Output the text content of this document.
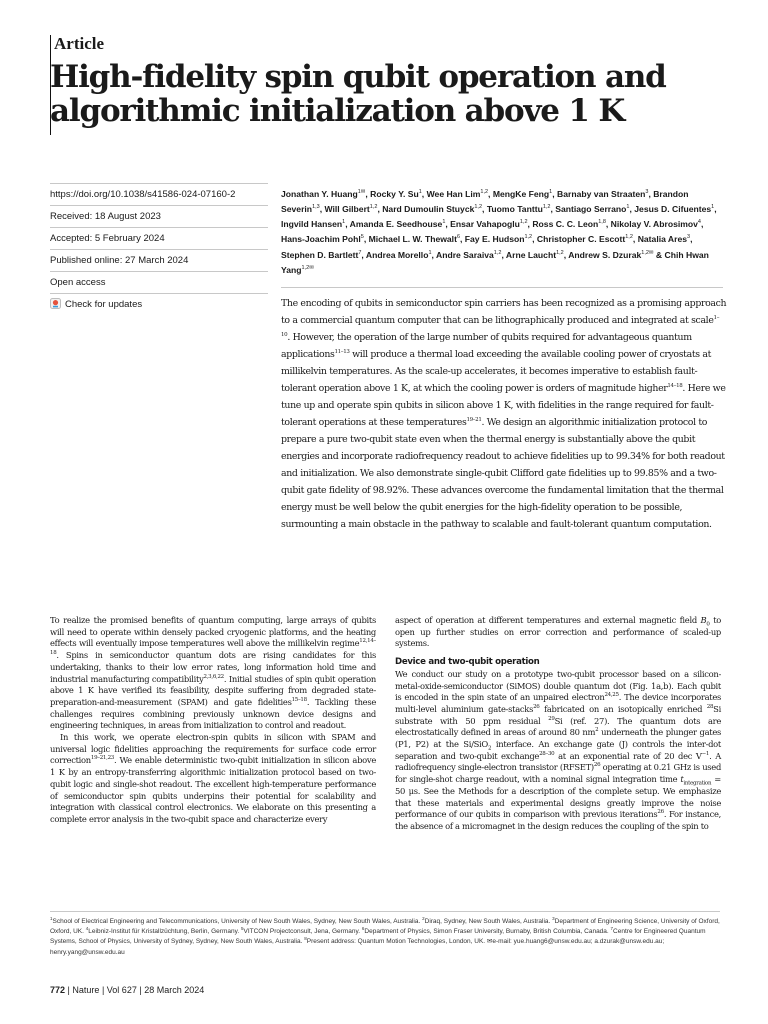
Article
High-fidelity spin qubit operation and algorithmic initialization above 1 K
https://doi.org/10.1038/s41586-024-07160-2
Received: 18 August 2023
Accepted: 5 February 2024
Published online: 27 March 2024
Open access
Check for updates

Jonathan Y. Huang$^{1✉}$, Rocky Y. Su$^1$, Wee Han Lim$^{1,2}$, MengKe Feng$^1$, Barnaby van Straaten$^3$, Brandon Severin$^{1,3}$, Will Gilbert$^{1,2}$, Nard Dumoulin Stuyck$^{1,2}$, Tuomo Tanttu$^{1,2}$, Santiago Serrano$^1$, Jesus D. Cifuentes$^1$, Ingvild Hansen$^1$, Amanda E. Seedhouse$^1$, Ensar Vahapoglu$^{1,2}$, Ross C. C. Leon$^{1,8}$, Nikolay V. Abrosimov$^4$, Hans-Joachim Pohl$^5$, Michael L. W. Thewalt$^6$, Fay E. Hudson$^{1,2}$, Christopher C. Escott$^{1,2}$, Natalia Ares$^3$, Stephen D. Bartlett$^7$, Andrea Morello$^1$, Andre Saraiva$^{1,2}$, Arne Laucht$^{1,2}$, Andrew S. Dzurak$^{1,2✉}$ & Chih Hwan Yang$^{1,2✉}$

The encoding of qubits in semiconductor spin carriers has been recognized as a promising approach to a commercial quantum computer that can be lithographically produced and integrated at scale$^{1-10}$. However, the operation of the large number of qubits required for advantageous quantum applications$^{11-13}$ will produce a thermal load exceeding the available cooling power of cryostats at millikelvin temperatures. As the scale-up accelerates, it becomes imperative to establish fault-tolerant operation above 1 K, at which the cooling power is orders of magnitude higher$^{14-18}$. Here we tune up and operate spin qubits in silicon above 1 K, with fidelities in the range required for fault-tolerant operations at these temperatures$^{19-21}$. We design an algorithmic initialization protocol to prepare a pure two-qubit state even when the thermal energy is substantially above the qubit energies and incorporate radiofrequency readout to achieve fidelities up to 99.34% for both readout and initialization. We also demonstrate single-qubit Clifford gate fidelities up to 99.85% and a two-qubit gate fidelity of 98.92%. These advances overcome the fundamental limitation that the thermal energy must be well below the qubit energies for the high-fidelity operation to be possible, surmounting a main obstacle in the pathway to scalable and fault-tolerant quantum computation.

To realize the promised benefits of quantum computing, large arrays of qubits will need to operate within densely packed cryogenic platforms, and the heating effects will eventually impose temperatures well above the millikelvin regime$^{12,14-18}$. Spins in semiconductor quantum dots are rising candidates for this undertaking, thanks to their low error rates, long information hold time and industrial manufacturing compatibility$^{2,3,6,22}$. Initial studies of spin qubit operation above 1 K have verified its feasibility, despite suffering from degraded state-preparation-and-measurement (SPAM) and gate fidelities$^{15-18}$. Tackling these challenges requires combining previously unknown device designs and engineering techniques, in areas from initialization to control and readout.

In this work, we operate electron-spin qubits in silicon with SPAM and universal logic fidelities approaching the requirements for surface code error correction$^{19-21,23}$. We enable deterministic two-qubit initialization in silicon above 1 K by an entropy-transferring algorithmic initialization protocol based on two-qubit logic and single-shot readout. The excellent high-temperature performance of semiconductor spin qubits underpins their potential for scalability and integration with classical control electronics. We elaborate on this presenting a complete error analysis in the two-qubit space and characterize every

aspect of operation at different temperatures and external magnetic field $B_0$ to open up further studies on error correction and performance of scaled-up systems.

Device and two-qubit operation

We conduct our study on a prototype two-qubit processor based on a silicon-metal-oxide-semiconductor (SiMOS) double quantum dot (Fig. 1a,b). Each qubit is encoded in the spin state of an unpaired electron$^{24,25}$. The device incorporates multi-level aluminium gate-stacks$^{26}$ fabricated on an isotopically enriched $^{28}$Si substrate with 50 ppm residual $^{29}$Si (ref. 27). The quantum dots are electrostatically defined in areas of around 80 $nm^2$ underneath the plunger gates (P1, P2) at the Si/SiO$_2$ interface. An exchange gate (J) controls the inter-dot separation and two-qubit exchange$^{28-30}$ at an exponential rate of 20 dec $V^{-1}$. A radiofrequency single-electron transistor (RFSET)$^{26}$ operating at 0.21 GHz is used for single-shot charge readout, with a nominal signal integration time $t_{integration} = 50$ μs. See the Methods for a description of the complete setup. We emphasize that these materials and experimental designs greatly improve the noise performance of our qubits in comparison with previous iterations$^{26}$. For instance, the absence of a micromagnet in the design reduces the coupling of the spin to

$^1$School of Electrical Engineering and Telecommunications, University of New South Wales, Sydney, New South Wales, Australia. $^2$Diraq, Sydney, New South Wales, Australia. $^3$Department of Engineering Science, University of Oxford, Oxford, UK. $^4$Leibniz-Institut für Kristallzüchtung, Berlin, Germany. $^5$VITCON Projectconsult, Jena, Germany. $^6$Department of Physics, Simon Fraser University, Burnaby, British Columbia, Canada. $^7$Centre for Engineered Quantum Systems, School of Physics, University of Sydney, Sydney, New South Wales, Australia. $^8$Present address: Quantum Motion Technologies, London, UK. ✉e-mail: yue.huang6@unsw.edu.au; a.dzurak@unsw.edu.au; henry.yang@unsw.edu.au

772 | Nature | Vol 627 | 28 March 2024
